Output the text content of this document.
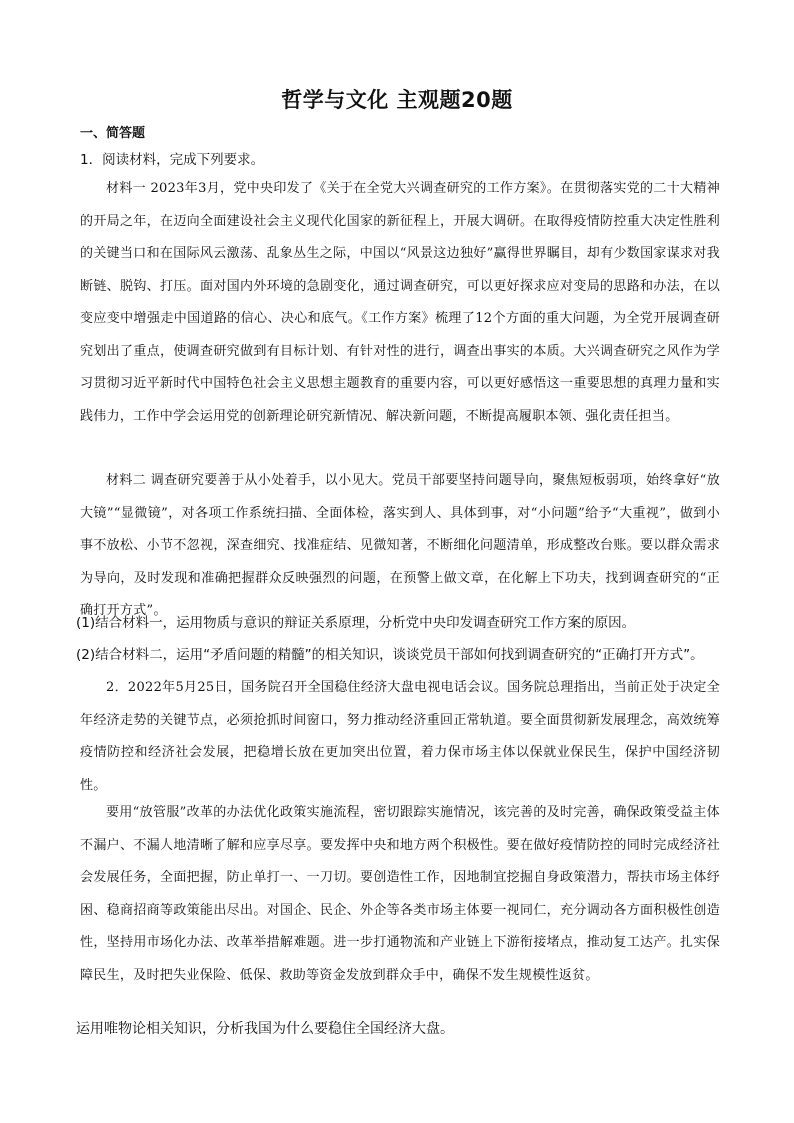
哲学与文化 主观题20题
一、简答题
1．阅读材料，完成下列要求。

材料一 2023年3月，党中央印发了《关于在全党大兴调查研究的工作方案》。在贯彻落实党的二十大精神的开局之年，在迈向全面建设社会主义现代化国家的新征程上，开展大调研。在取得疫情防控重大决定性胜利的关键当口和在国际风云激荡、乱象丛生之际，中国以“风景这边独好”赢得世界瞩目，却有少数国家谋求对我断链、脱钩、打压。面对国内外环境的急剧变化，通过调查研究，可以更好探求应对变局的思路和办法，在以变应变中增强走中国道路的信心、决心和底气。《工作方案》梳理了12个方面的重大问题，为全党开展调查研究划出了重点，使调查研究做到有目标计划、有针对性的进行，调查出事实的本质。大兴调查研究之风作为学习贯彻习近平新时代中国特色社会主义思想主题教育的重要内容，可以更好感悟这一重要思想的真理力量和实践伟力，工作中学会运用党的创新理论研究新情况、解决新问题，不断提高履职本领、强化责任担当。

材料二 调查研究要善于从小处着手，以小见大。党员干部要坚持问题导向，聚焦短板弱项，始终拿好“放大镜”“显微镜”，对各项工作系统扫描、全面体检，落实到人、具体到事，对“小问题”给予“大重视”，做到小事不放松、小节不忽视，深查细究、找准症结、见微知著，不断细化问题清单，形成整改台账。要以群众需求为导向，及时发现和准确把握群众反映强烈的问题，在预警上做文章，在化解上下功夫，找到调查研究的“正确打开方式”。

(1)结合材料一，运用物质与意识的辩证关系原理，分析党中央印发调查研究工作方案的原因。
(2)结合材料二，运用“矛盾问题的精髓”的相关知识，谈谈党员干部如何找到调查研究的“正确打开方式”。

2．2022年5月25日，国务院召开全国稳住经济大盘电视电话会议。国务院总理指出，当前正处于决定全年经济走势的关键节点，必须抢抓时间窗口，努力推动经济重回正常轨道。要全面贯彻新发展理念，高效统筹疫情防控和经济社会发展，把稳增长放在更加突出位置，着力保市场主体以保就业保民生，保护中国经济韧性。

要用“放管服”改革的办法优化政策实施流程，密切跟踪实施情况，该完善的及时完善，确保政策受益主体不漏户、不漏人地清晰了解和应享尽享。要发挥中央和地方两个积极性。要在做好疫情防控的同时完成经济社会发展任务，全面把握，防止单打一、一刀切。要创造性工作，因地制宜挖掘自身政策潜力，帮扶市场主体纾困、稳商招商等政策能出尽出。对国企、民企、外企等各类市场主体要一视同仁，充分调动各方面积极性创造性，坚持用市场化办法、改革举措解难题。进一步打通物流和产业链上下游衔接堵点，推动复工达产。扎实保障民生，及时把失业保险、低保、救助等资金发放到群众手中，确保不发生规模性返贫。

运用唯物论相关知识，分析我国为什么要稳住全国经济大盘。
